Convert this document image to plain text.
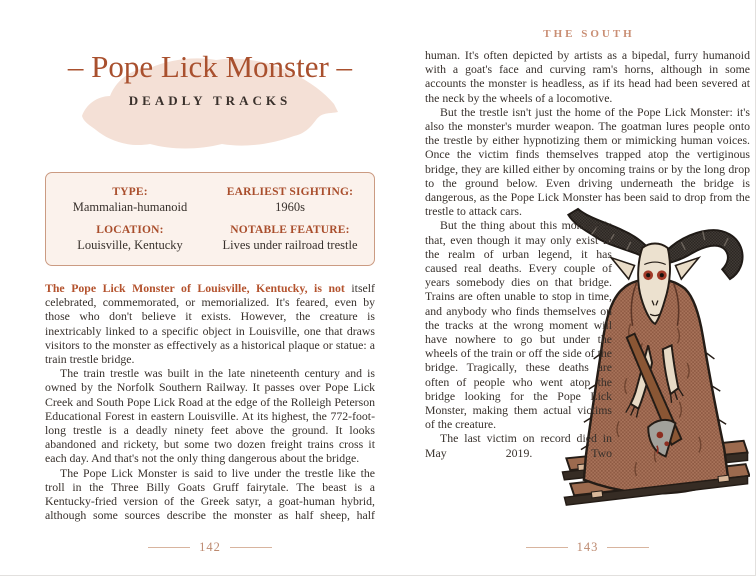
– Pope Lick Monster –
DEADLY TRACKS
TYPE:
Mammalian-humanoid
EARLIEST SIGHTING:
1960s
LOCATION:
Louisville, Kentucky
NOTABLE FEATURE:
Lives under railroad trestle

The Pope Lick Monster of Louisville, Kentucky, is not itself celebrated, commemorated, or memorialized. It's feared, even by those who don't believe it exists. However, the creature is inextricably linked to a specific object in Louisville, one that draws visitors to the monster as effectively as a historical plaque or statue: a train trestle bridge.

The train trestle was built in the late nineteenth century and is owned by the Norfolk Southern Railway. It passes over Pope Lick Creek and South Pope Lick Road at the edge of the Rolleigh Peterson Educational Forest in eastern Louisville. At its highest, the 772-foot-long trestle is a deadly ninety feet above the ground. It looks abandoned and rickety, but some two dozen freight trains cross it each day. And that's not the only thing dangerous about the bridge.

The Pope Lick Monster is said to live under the trestle like the troll in the Three Billy Goats Gruff fairytale. The beast is a Kentucky-fried version of the Greek satyr, a goat-human hybrid, although some sources describe the monster as half sheep, half

142
THE SOUTH

human. It's often depicted by artists as a bipedal, furry humanoid with a goat's face and curving ram's horns, although in some accounts the monster is headless, as if its head had been severed at the neck by the wheels of a locomotive.

But the trestle isn't just the home of the Pope Lick Monster: it's also the monster's murder weapon. The goatman lures people onto the trestle by either hypnotizing them or mimicking human voices. Once the victim finds themselves trapped atop the vertiginous bridge, they are killed either by oncoming trains or by the long drop to the ground below. Even driving underneath the bridge is dangerous, as the Pope Lick Monster has been said to drop from the trestle to attack cars.

But the thing about this monster is that, even though it may only exist in the realm of urban legend, it has caused real deaths. Every couple of years somebody dies on that bridge. Trains are often unable to stop in time, and anybody who finds themselves on the tracks at the wrong moment will have nowhere to go but under the wheels of the train or off the side of the bridge. Tragically, these deaths are often of people who went atop the bridge looking for the Pope Lick Monster, making them actual victims of the creature.

The last victim on record died in May 2019. Two

143
